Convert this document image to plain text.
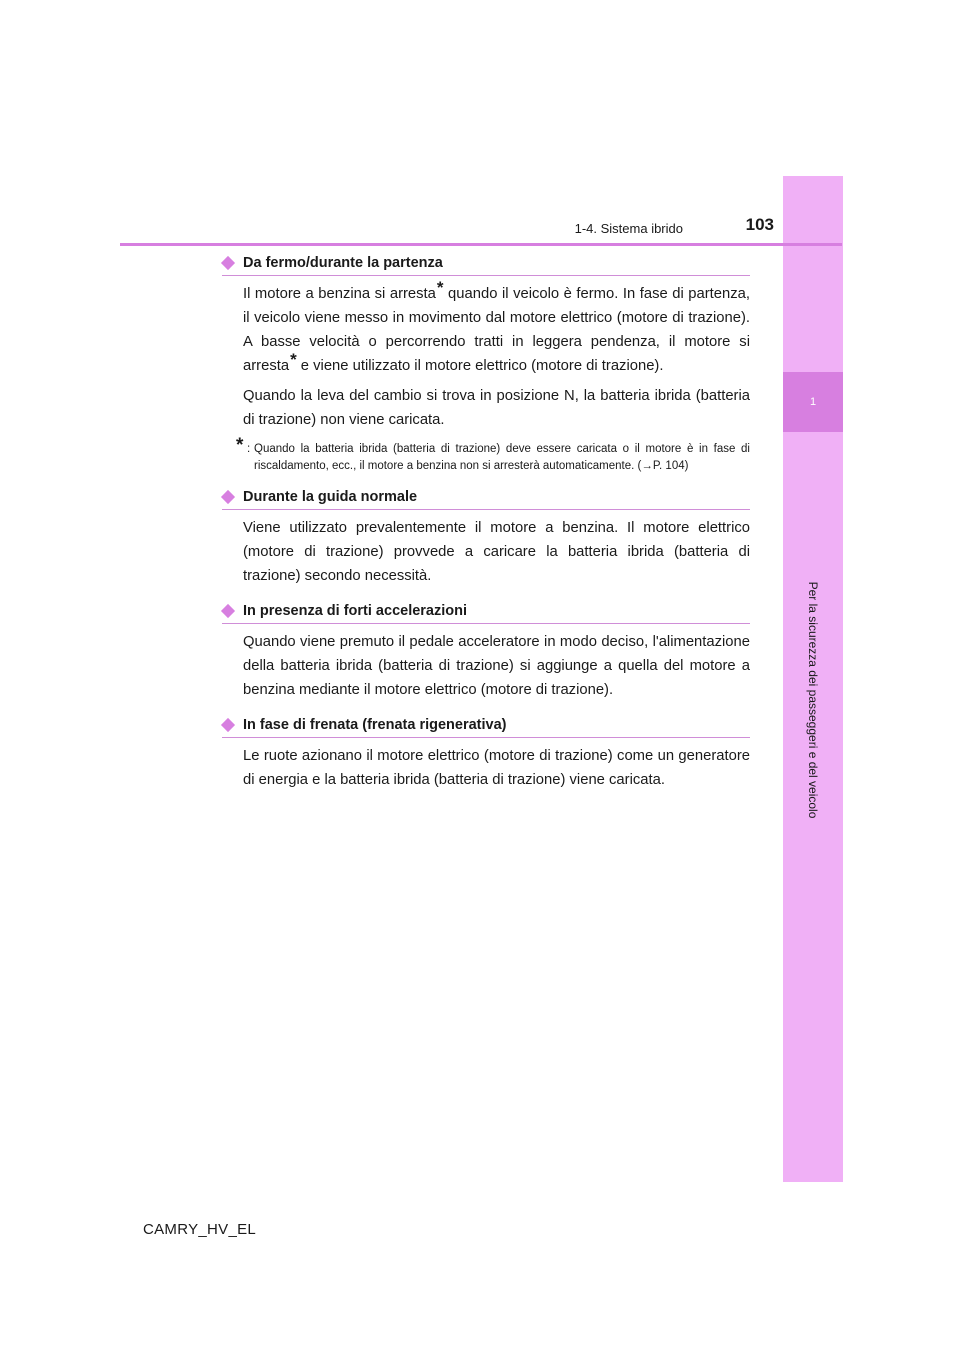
1
Per la sicurezza dei passeggeri e del veicolo
1-4. Sistema ibrido	103
Da fermo/durante la partenza

Il motore a benzina si arresta* quando il veicolo è fermo. In fase di partenza, il veicolo viene messo in movimento dal motore elettrico (motore di trazione). A basse velocità o percorrendo tratti in leggera pendenza, il motore si arresta* e viene utilizzato il motore elettrico (motore di trazione).

Quando la leva del cambio si trova in posizione N, la batteria ibrida (batteria di trazione) non viene caricata.

* : Quando la batteria ibrida (batteria di trazione) deve essere caricata o il motore è in fase di riscaldamento, ecc., il motore a benzina non si arresterà automaticamente. (→P. 104)
Durante la guida normale

Viene utilizzato prevalentemente il motore a benzina. Il motore elettrico (motore di trazione) provvede a caricare la batteria ibrida (batteria di trazione) secondo necessità.

In presenza di forti accelerazioni

Quando viene premuto il pedale acceleratore in modo deciso, l'alimentazione della batteria ibrida (batteria di trazione) si aggiunge a quella del motore a benzina mediante il motore elettrico (motore di trazione).

In fase di frenata (frenata rigenerativa)

Le ruote azionano il motore elettrico (motore di trazione) come un generatore di energia e la batteria ibrida (batteria di trazione) viene caricata.

CAMRY_HV_EL
